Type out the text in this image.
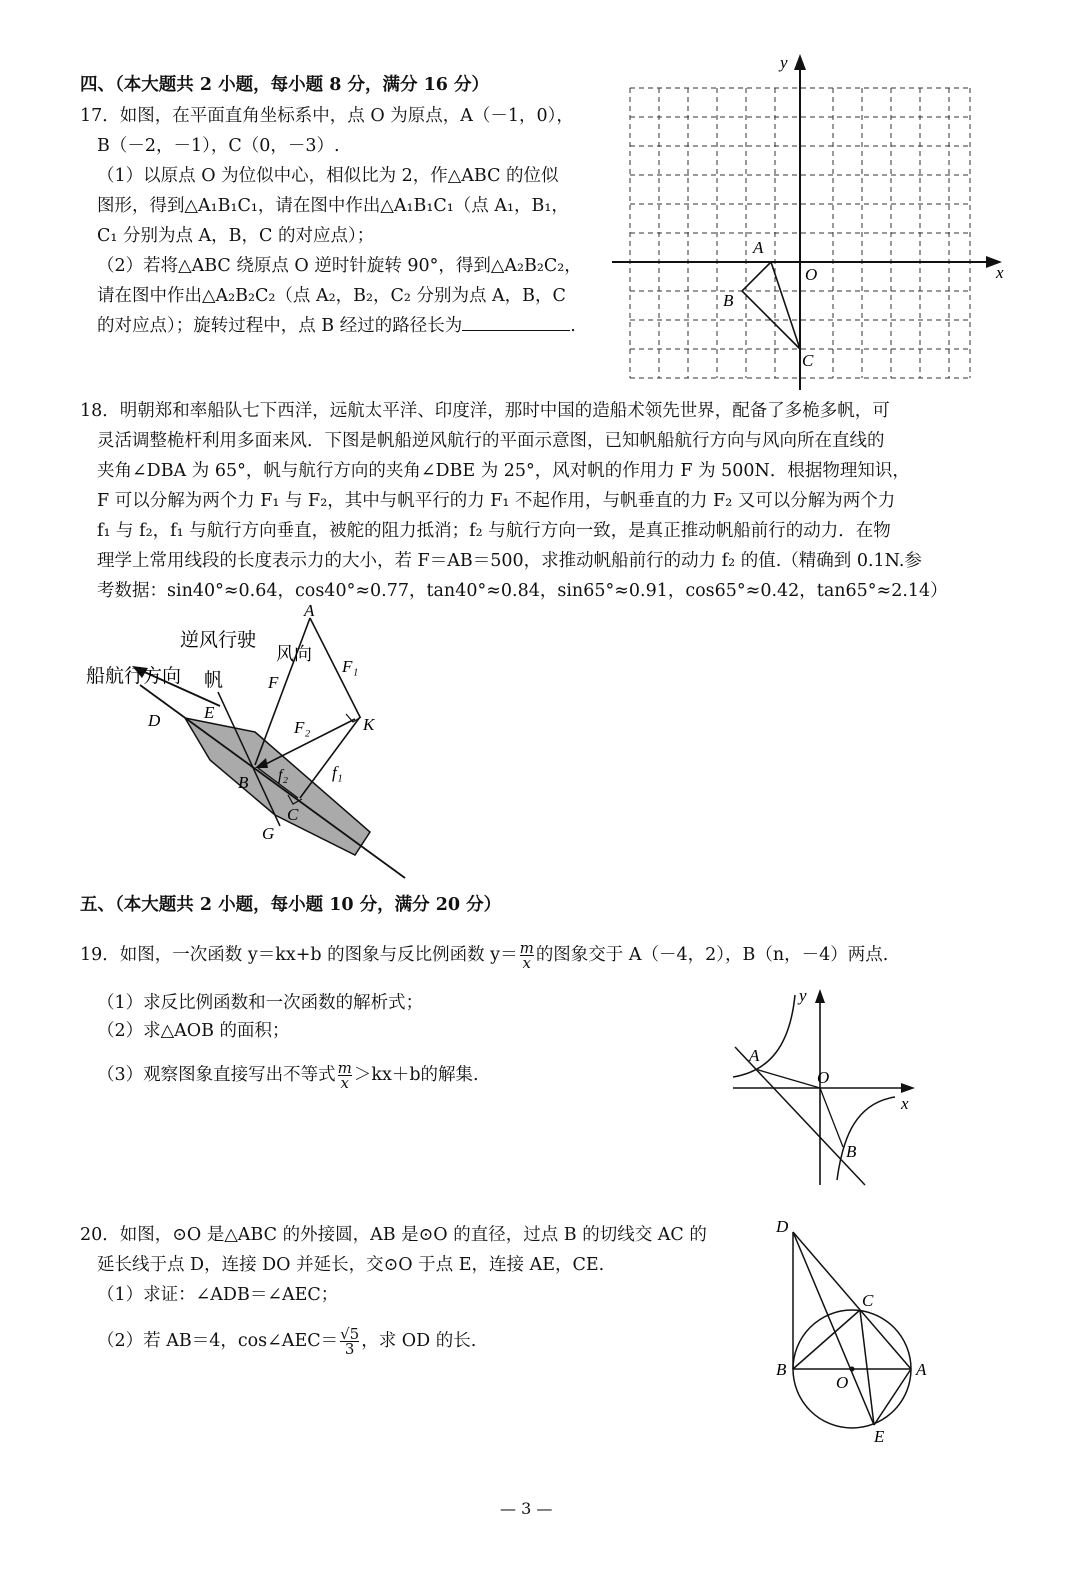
四、（本大题共 2 小题，每小题 8 分，满分 16 分）
17．如图，在平面直角坐标系中，点 O 为原点，A（－1，0），
B（－2，－1），C（0，－3）.
（1）以原点 O 为位似中心，相似比为 2，作△ABC 的位似
图形，得到△A₁B₁C₁，请在图中作出△A₁B₁C₁（点 A₁，B₁，
C₁ 分别为点 A，B，C 的对应点）；
（2）若将△ABC 绕原点 O 逆时针旋转 90°，得到△A₂B₂C₂，
请在图中作出△A₂B₂C₂（点 A₂，B₂，C₂ 分别为点 A，B，C
的对应点）；旋转过程中，点 B 经过的路径长为	.
x
y
O
A
B
C
18．明朝郑和率船队七下西洋，远航太平洋、印度洋，那时中国的造船术领先世界，配备了多桅多帆，可
灵活调整桅杆利用多面来风．下图是帆船逆风航行的平面示意图，已知帆船航行方向与风向所在直线的
夹角∠DBA 为 65°，帆与航行方向的夹角∠DBE 为 25°，风对帆的作用力 F 为 500N．根据物理知识，
F 可以分解为两个力 F₁ 与 F₂，其中与帆平行的力 F₁ 不起作用，与帆垂直的力 F₂ 又可以分解为两个力
f₁ 与 f₂，f₁ 与航行方向垂直，被舵的阻力抵消；f₂ 与航行方向一致，是真正推动帆船前行的动力．在物
理学上常用线段的长度表示力的大小，若 F＝AB＝500，求推动帆船前行的动力 f₂ 的值.（精确到 0.1N.参
考数据：sin40°≈0.64，cos40°≈0.77，tan40°≈0.84，sin65°≈0.91，cos65°≈0.42，tan65°≈2.14）
逆风行驶
风向
船航行方向 帆
A
D	E
B
C
G
K
F
F₁
F₂
f₁
f₂
五、（本大题共 2 小题，每小题 10 分，满分 20 分）
19．如图，一次函数 y＝kx+b 的图象与反比例函数 $y= \frac{m}{x}$ 的图象交于 A（－4，2），B（n，－4）两点.
（1）求反比例函数和一次函数的解析式；
（2）求△AOB 的面积；
（3）观察图象直接写出不等式 $\frac{m}{x} >kx+b$的解集.
x
y
O
A
B
20．如图，⊙O 是△ABC 的外接圆，AB 是⊙O 的直径，过点 B 的切线交 AC 的
延长线于点 D，连接 DO 并延长，交⊙O 于点 E，连接 AE，CE.
（1）求证：∠ADB＝∠AEC；
（2）若 AB＝4，cos∠AEC＝ $\frac{√5}{3}$ ，求 OD 的长.
D
C
B
O
A
E
— 3 —
